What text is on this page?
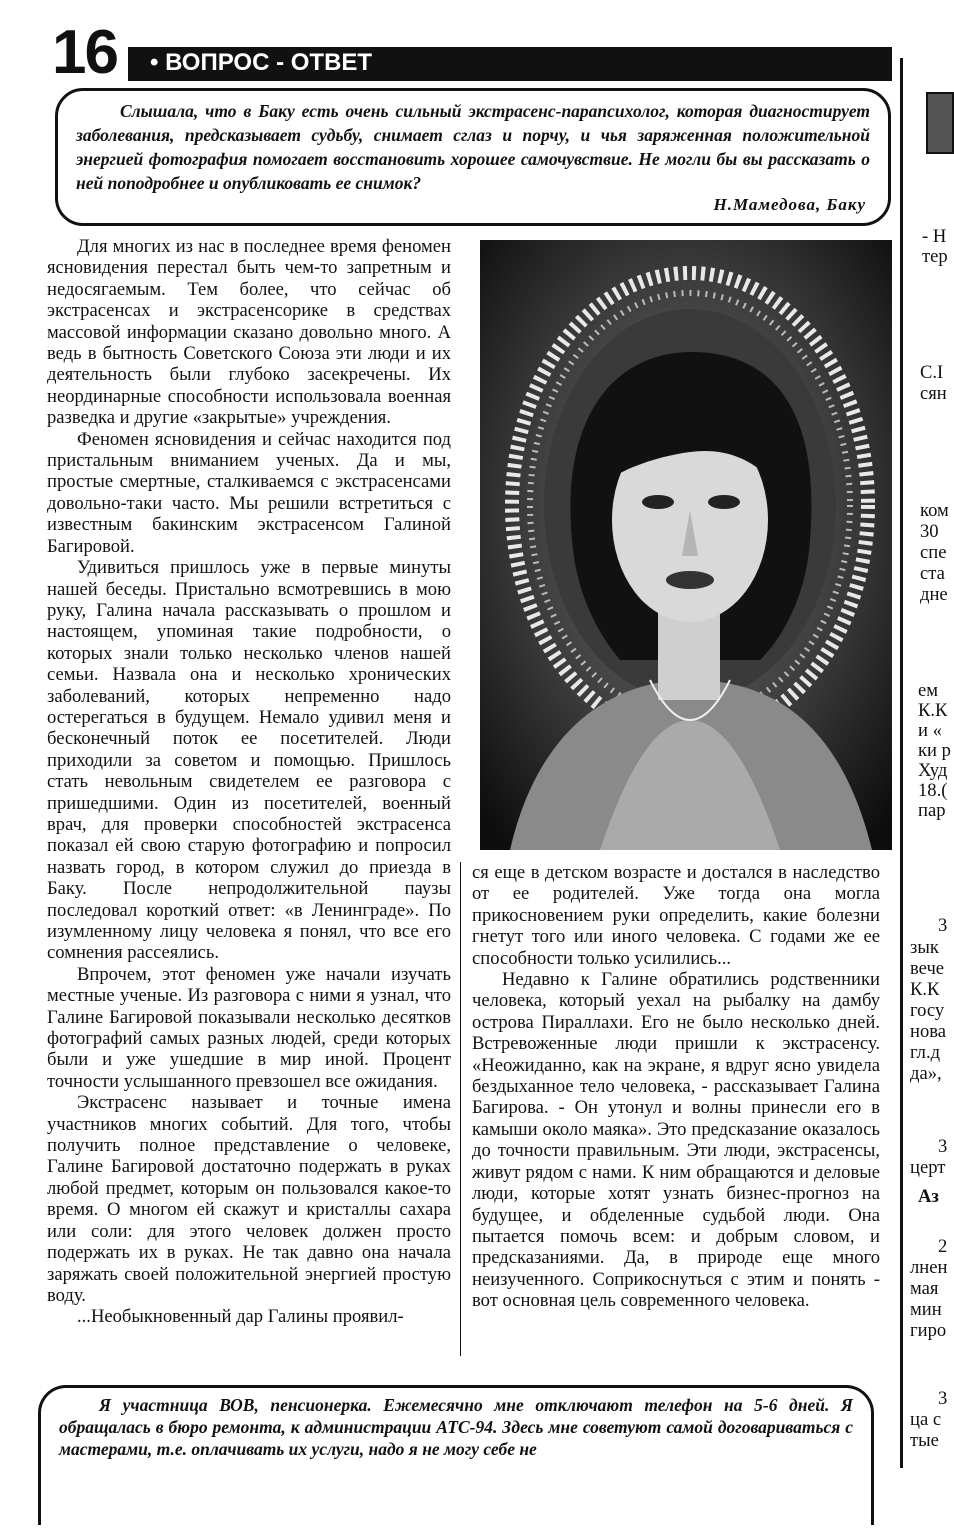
16 • ВОПРОС - ОТВЕТ
Слышала, что в Баку есть очень сильный экстрасенс-парапсихолог, которая диагностирует заболевания, предсказывает судьбу, снимает сглаз и порчу, и чья заряженная положительной энергией фотография помогает восстановить хорошее самочувствие. Не могли бы вы рассказать о ней поподробнее и опубликовать ее снимок?
Н.Мамедова, Баку

Для многих из нас в последнее время феномен ясновидения перестал быть чем-то запретным и недосягаемым. Тем более, что сейчас об экстрасенсах и экстрасенсорике в средствах массовой информации сказано довольно много. А ведь в бытность Советского Союза эти люди и их деятельность были глубоко засекречены. Их неординарные способности использовала военная разведка и другие «закрытые» учреждения.

Феномен ясновидения и сейчас находится под пристальным вниманием ученых. Да и мы, простые смертные, сталкиваемся с экстрасенсами довольно-таки часто. Мы решили встретиться с известным бакинским экстрасенсом Галиной Багировой.

Удивиться пришлось уже в первые минуты нашей беседы. Пристально всмотревшись в мою руку, Галина начала рассказывать о прошлом и настоящем, упоминая такие подробности, о которых знали только несколько членов нашей семьи. Назвала она и несколько хронических заболеваний, которых непременно надо остерегаться в будущем. Немало удивил меня и бесконечный поток ее посетителей. Люди приходили за советом и помощью. Пришлось стать невольным свидетелем ее разговора с пришедшими. Один из посетителей, военный врач, для проверки способностей экстрасенса показал ей свою старую фотографию и попросил назвать город, в котором служил до приезда в Баку. После непродолжительной паузы последовал короткий ответ: «в Ленинграде». По изумленному лицу человека я понял, что все его сомнения рассеялись.

Впрочем, этот феномен уже начали изучать местные ученые. Из разговора с ними я узнал, что Галине Багировой показывали несколько десятков фотографий самых разных людей, среди которых были и уже ушедшие в мир иной. Процент точности услышанного превзошел все ожидания.

Экстрасенс называет и точные имена участников многих событий. Для того, чтобы получить полное представление о человеке, Галине Багировой достаточно подержать в руках любой предмет, которым он пользовался какое-то время. О многом ей скажут и кристаллы сахара или соли: для этого человек должен просто подержать их в руках. Не так давно она начала заряжать своей положительной энергией простую воду.

...Необыкновенный дар Галины проявил-

ся еще в детском возрасте и достался в наследство от ее родителей. Уже тогда она могла прикосновением руки определить, какие болезни гнетут того или иного человека. С годами же ее способности только усилились...

Недавно к Галине обратились родственники человека, который уехал на рыбалку на дамбу острова Пираллахи. Его не было несколько дней. Встревоженные люди пришли к экстрасенсу. «Неожиданно, как на экране, я вдруг ясно увидела бездыханное тело человека, - рассказывает Галина Багирова. - Он утонул и волны принесли его в камыши около маяка». Это предсказание оказалось до точности правильным. Эти люди, экстрасенсы, живут рядом с нами. К ним обращаются и деловые люди, которые хотят узнать бизнес-прогноз на будущее, и обделенные судьбой люди. Она пытается помочь всем: и добрым словом, и предсказаниями. Да, в природе еще много неизученного. Соприкоснуться с этим и понять - вот основная цель современного человека.

Я участница ВОВ, пенсионерка. Ежемесячно мне отключают телефон на 5-6 дней. Я обращалась в бюро ремонта, к администрации АТС-94. Здесь мне советуют самой договариваться с мастерами, т.е. оплачивать их услуги, надо я не могу себе не
- Н
тер
С.І
сян
ком
30
спе
ста
дне
ем
К.К
и «
ки р
Худ
18.(
пар
3
зык
вече
К.К
госу
нова
гл.д
да»,
3
церт
Аз
2
лнен
мая
мин
гиро
3
ца с
тые
